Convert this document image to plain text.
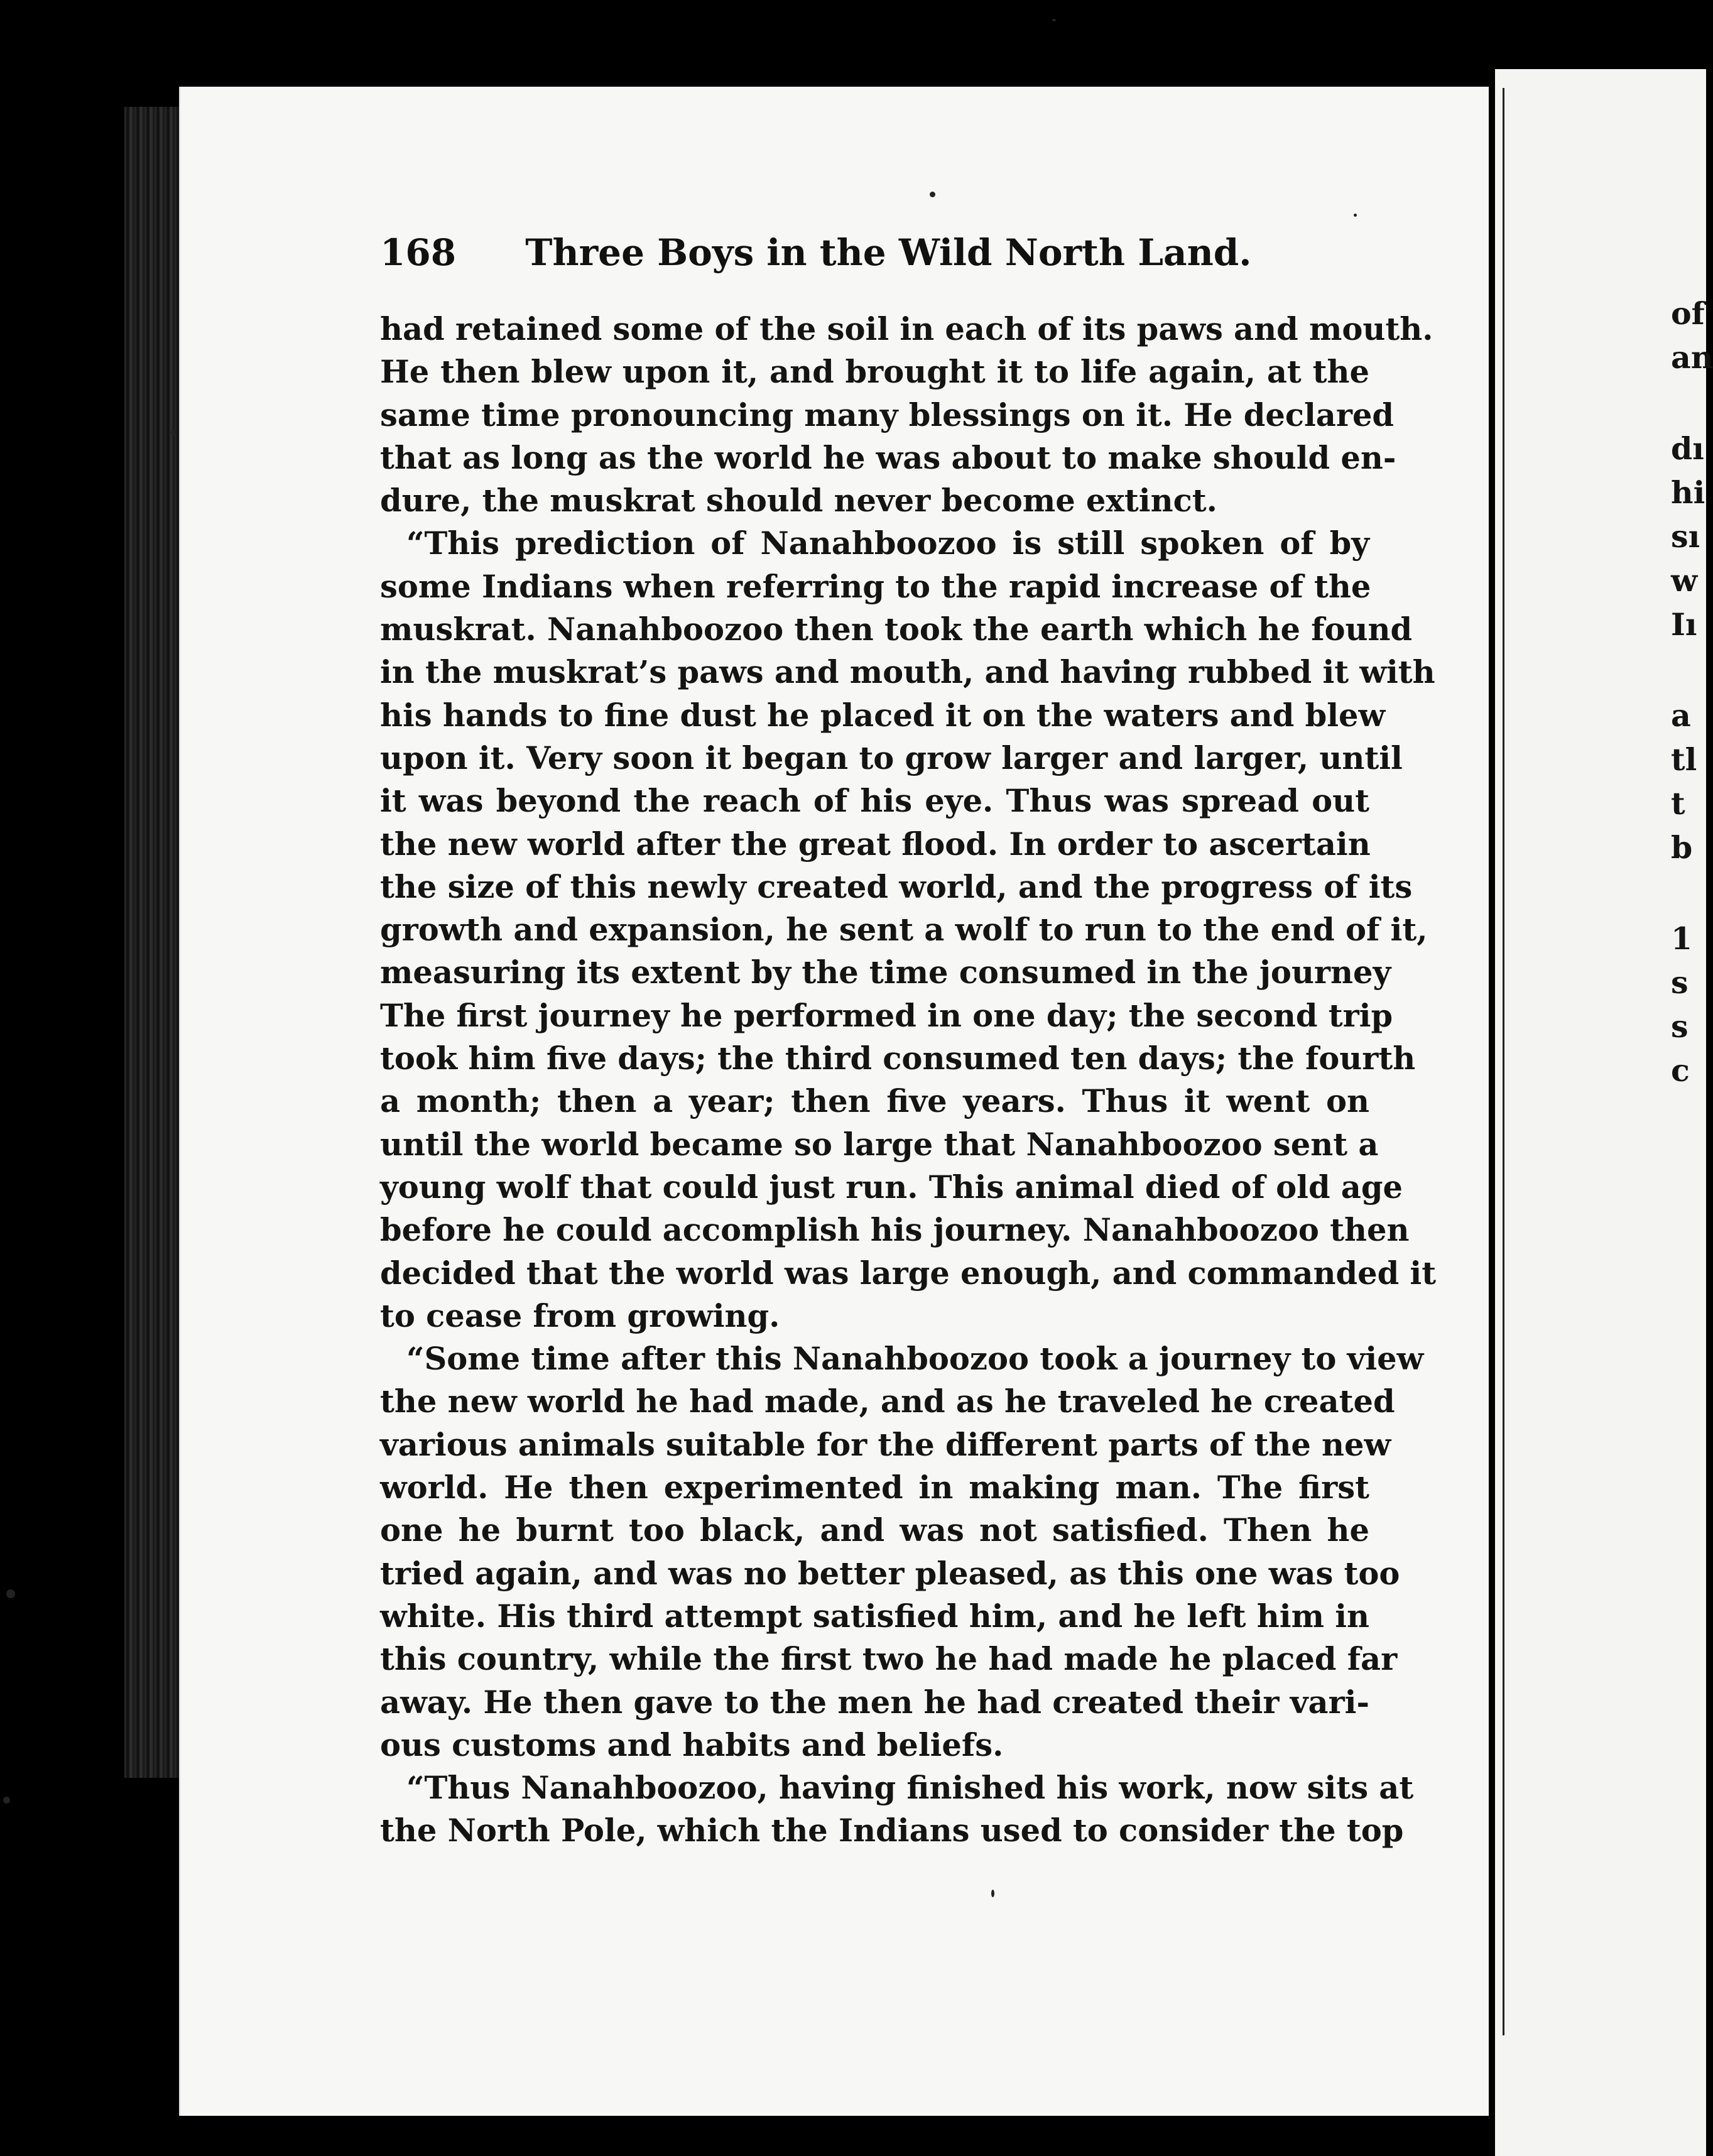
168 Three Boys in the Wild North Land.
had retained some of the soil in each of its paws and mouth.
He then blew upon it, and brought it to life again, at the
same time pronouncing many blessings on it. He declared
that as long as the world he was about to make should en-
dure, the muskrat should never become extinct.
“This prediction of Nanahboozoo is still spoken of by
some Indians when referring to the rapid increase of the
muskrat. Nanahboozoo then took the earth which he found
in the muskrat’s paws and mouth, and having rubbed it with
his hands to fine dust he placed it on the waters and blew
upon it. Very soon it began to grow larger and larger, until
it was beyond the reach of his eye. Thus was spread out
the new world after the great flood. In order to ascertain
the size of this newly created world, and the progress of its
growth and expansion, he sent a wolf to run to the end of it,
measuring its extent by the time consumed in the journey
The first journey he performed in one day; the second trip
took him five days; the third consumed ten days; the fourth
a month; then a year; then five years. Thus it went on
until the world became so large that Nanahboozoo sent a
young wolf that could just run. This animal died of old age
before he could accomplish his journey. Nanahboozoo then
decided that the world was large enough, and commanded it
to cease from growing.
“Some time after this Nanahboozoo took a journey to view
the new world he had made, and as he traveled he created
various animals suitable for the different parts of the new
world. He then experimented in making man. The first
one he burnt too black, and was not satisfied. Then he
tried again, and was no better pleased, as this one was too
white. His third attempt satisfied him, and he left him in
this country, while the first two he had made he placed far
away. He then gave to the men he had created their vari-
ous customs and habits and beliefs.
“Thus Nanahboozoo, having finished his work, now sits at
the North Pole, which the Indians used to consider the top
of
an
dı
hi
sı
w
Iı
a
tl
t
b
1
s
s
c
